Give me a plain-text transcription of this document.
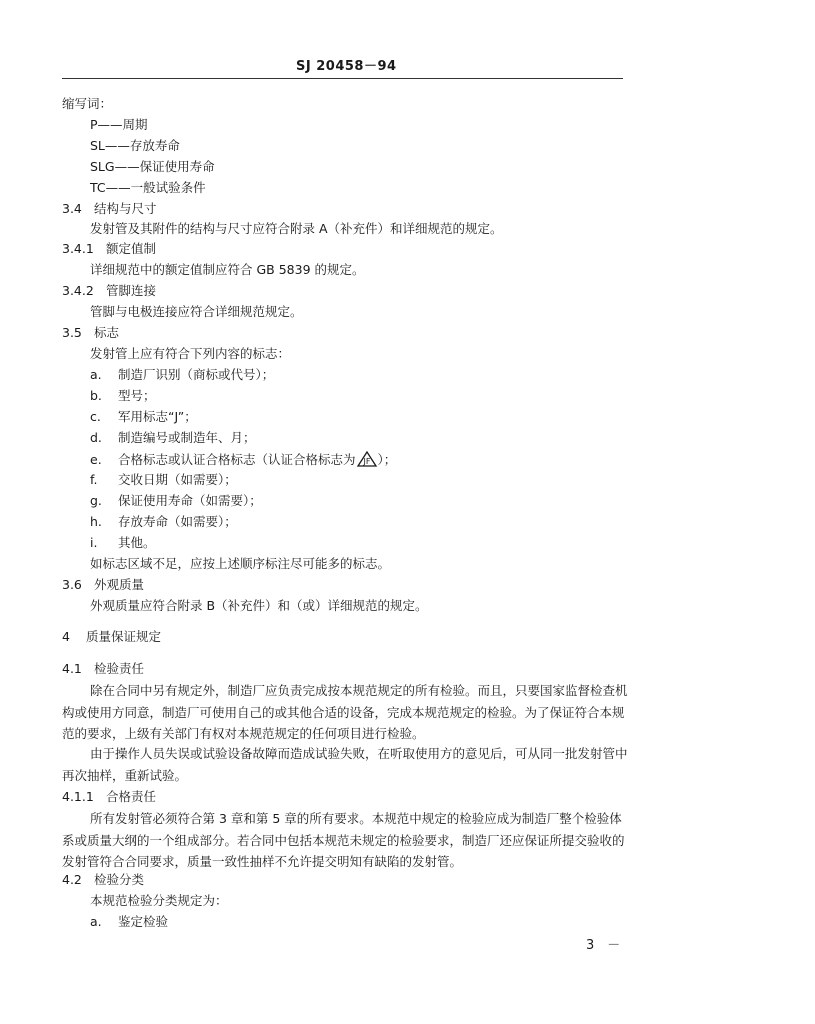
SJ 20458－94
缩写词：
P——周期
SL——存放寿命
SLG——保证使用寿命
TC——一般试验条件
3.4 结构与尺寸
发射管及其附件的结构与尺寸应符合附录 A（补充件）和详细规范的规定。
3.4.1 额定值制
详细规范中的额定值制应符合 GB 5839 的规定。
3.4.2 管脚连接
管脚与电极连接应符合详细规范规定。
3.5 标志
发射管上应有符合下列内容的标志：
a. 制造厂识别（商标或代号）；
b. 型号；
c. 军用标志“J”；
d. 制造编号或制造年、月；
e. 合格标志或认证合格标志（认证合格标志为 JF ）；
f. 交收日期（如需要）；
g. 保证使用寿命（如需要）；
h. 存放寿命（如需要）；
i. 其他。
如标志区域不足，应按上述顺序标注尽可能多的标志。
3.6 外观质量
外观质量应符合附录 B（补充件）和（或）详细规范的规定。
4 质量保证规定
4.1 检验责任
除在合同中另有规定外，制造厂应负责完成按本规范规定的所有检验。而且，只要国家监督检查机构或使用方同意，制造厂可使用自己的或其他合适的设备，完成本规范规定的检验。为了保证符合本规范的要求，上级有关部门有权对本规范规定的任何项目进行检验。
由于操作人员失误或试验设备故障而造成试验失败，在听取使用方的意见后，可从同一批发射管中再次抽样，重新试验。
4.1.1 合格责任
所有发射管必须符合第 3 章和第 5 章的所有要求。本规范中规定的检验应成为制造厂整个检验体系或质量大纲的一个组成部分。若合同中包括本规范未规定的检验要求，制造厂还应保证所提交验收的发射管符合合同要求，质量一致性抽样不允许提交明知有缺陷的发射管。
4.2 检验分类
本规范检验分类规定为：
a. 鉴定检验
3　－
